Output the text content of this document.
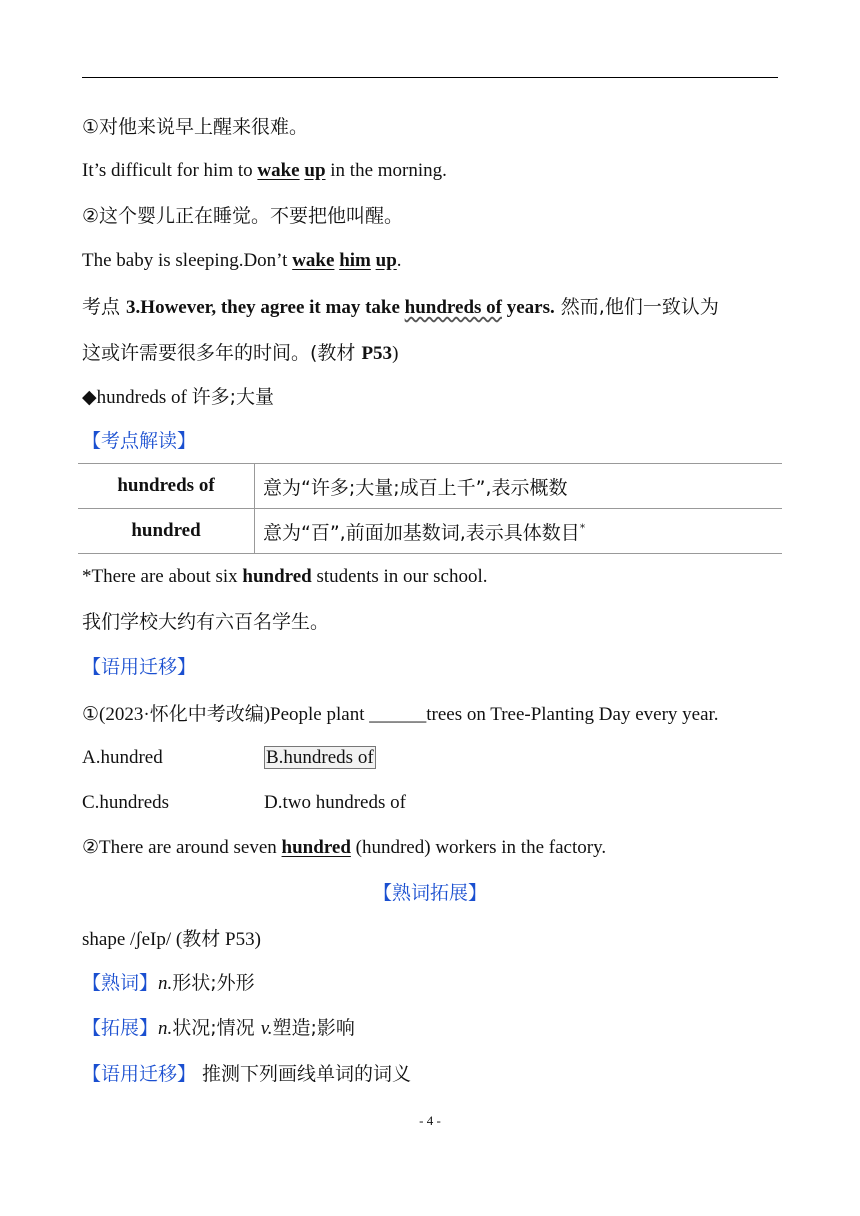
①对他来说早上醒来很难。
It’s difficult for him to wake up in the morning.
②这个婴儿正在睡觉。不要把他叫醒。
The baby is sleeping.Don’t wake him up.
考点 3.However, they agree it may take hundreds of years. 然而,他们一致认为
这或许需要很多年的时间。(教材 P53)
◆hundreds of 许多;大量
【考点解读】
hundreds of	意为“许多;大量;成百上千”,表示概数
hundred	意为“百”,前面加基数词,表示具体数目*
*There are about six hundred students in our school.
我们学校大约有六百名学生。
【语用迁移】
①(2023·怀化中考改编)People plant ______trees on Tree-Planting Day every year.
A.hundred	B.hundreds of
C.hundreds	D.two hundreds of
②There are around seven hundred (hundred) workers in the factory.
【熟词拓展】
shape /ʃeIp/ (教材 P53)
【熟词】n.形状;外形
【拓展】n.状况;情况 v.塑造;影响
【语用迁移】 推测下列画线单词的词义
- 4 -
